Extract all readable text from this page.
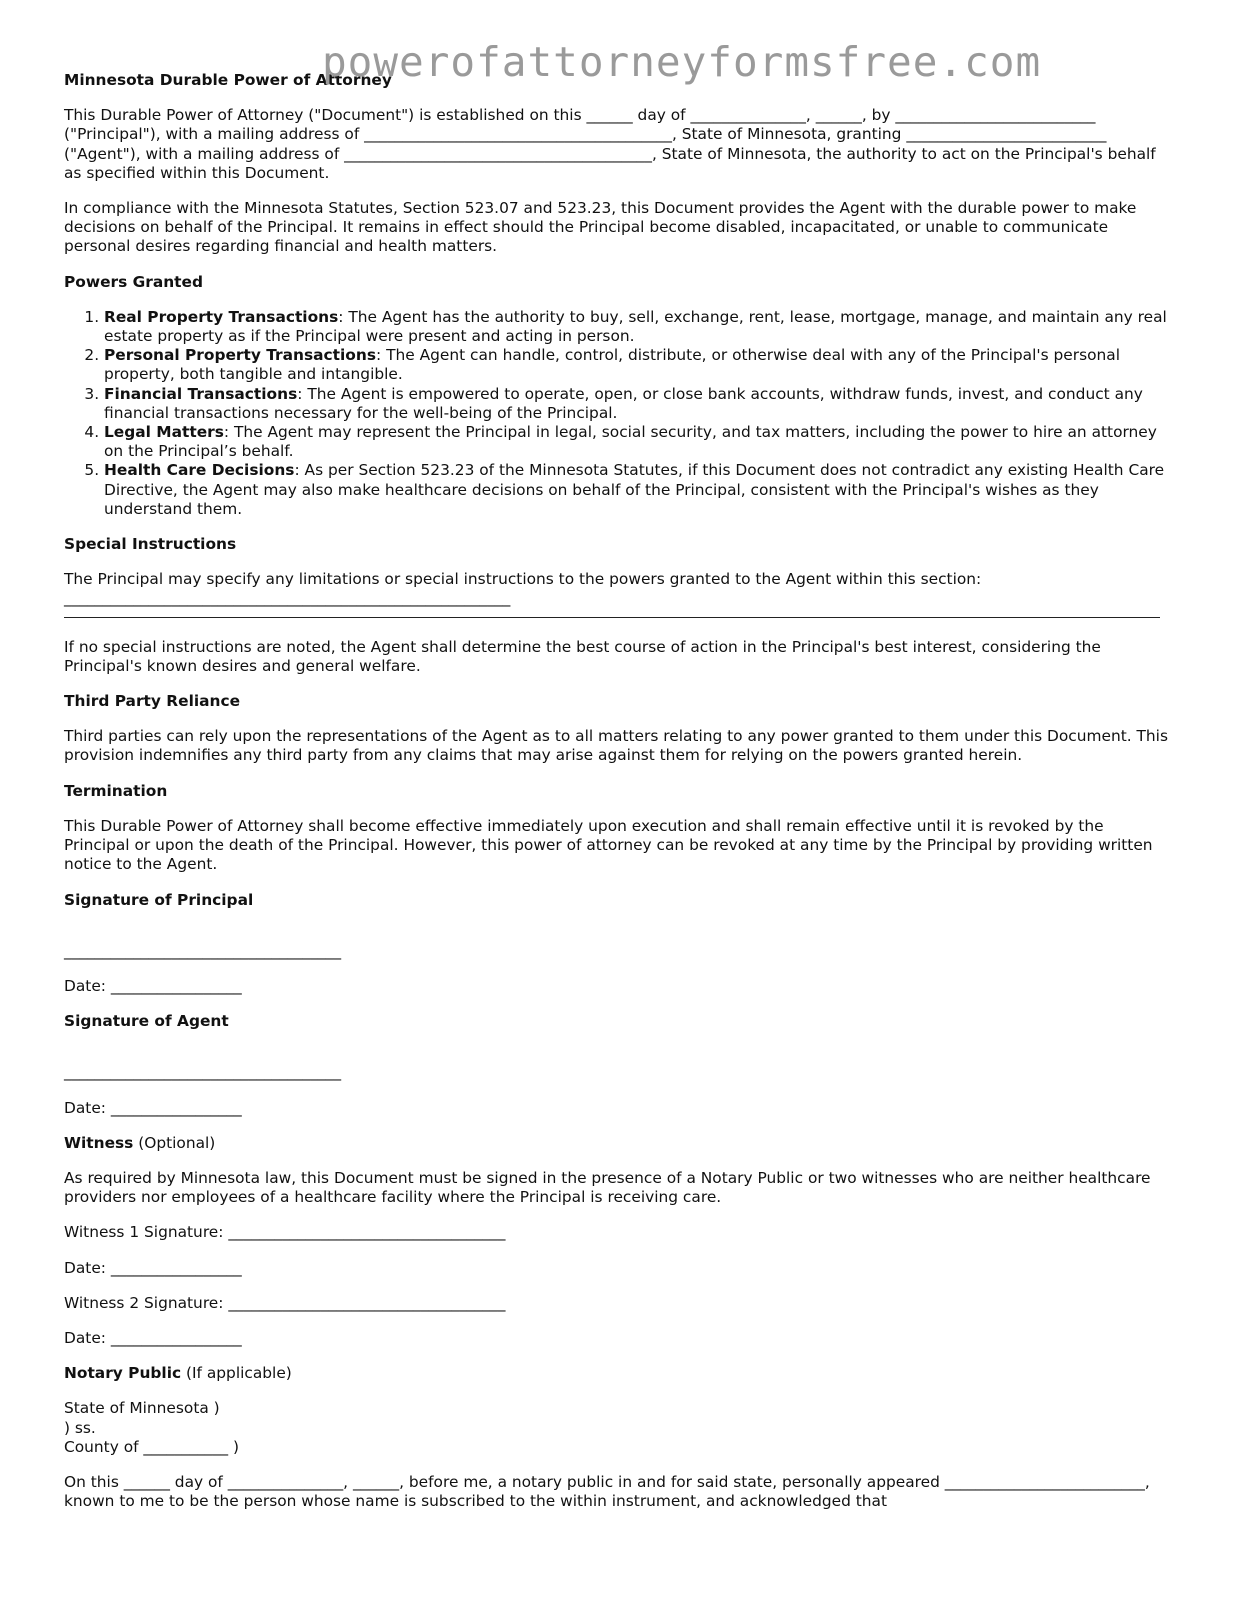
powerofattorneyformsfree.com
Minnesota Durable Power of Attorney

This Durable Power of Attorney ("Document") is established on this ______ day of _______________, ______, by __________________________ ("Principal"), with a mailing address of ________________________________________, State of Minnesota, granting __________________________ ("Agent"), with a mailing address of ________________________________________, State of Minnesota, the authority to act on the Principal's behalf as specified within this Document.

In compliance with the Minnesota Statutes, Section 523.07 and 523.23, this Document provides the Agent with the durable power to make decisions on behalf of the Principal. It remains in effect should the Principal become disabled, incapacitated, or unable to communicate personal desires regarding financial and health matters.

Powers Granted
1. Real Property Transactions: The Agent has the authority to buy, sell, exchange, rent, lease, mortgage, manage, and maintain any real estate property as if the Principal were present and acting in person.
2. Personal Property Transactions: The Agent can handle, control, distribute, or otherwise deal with any of the Principal's personal property, both tangible and intangible.
3. Financial Transactions: The Agent is empowered to operate, open, or close bank accounts, withdraw funds, invest, and conduct any financial transactions necessary for the well-being of the Principal.
4. Legal Matters: The Agent may represent the Principal in legal, social security, and tax matters, including the power to hire an attorney on the Principal’s behalf.
5. Health Care Decisions: As per Section 523.23 of the Minnesota Statutes, if this Document does not contradict any existing Health Care Directive, the Agent may also make healthcare decisions on behalf of the Principal, consistent with the Principal's wishes as they understand them.
Special Instructions
The Principal may specify any limitations or special instructions to the powers granted to the Agent within this section:
__________________________________________________________

If no special instructions are noted, the Agent shall determine the best course of action in the Principal's best interest, considering the Principal's known desires and general welfare.

Third Party Reliance

Third parties can rely upon the representations of the Agent as to all matters relating to any power granted to them under this Document. This provision indemnifies any third party from any claims that may arise against them for relying on the powers granted herein.

Termination

This Durable Power of Attorney shall become effective immediately upon execution and shall remain effective until it is revoked by the Principal or upon the death of the Principal. However, this power of attorney can be revoked at any time by the Principal by providing written notice to the Agent.

Signature of Principal

____________________________________

Date: _________________

Signature of Agent

____________________________________

Date: _________________

Witness (Optional)

As required by Minnesota law, this Document must be signed in the presence of a Notary Public or two witnesses who are neither healthcare providers nor employees of a healthcare facility where the Principal is receiving care.

Witness 1 Signature: ____________________________________

Date: _________________

Witness 2 Signature: ____________________________________

Date: _________________

Notary Public (If applicable)
State of Minnesota )
) ss.
County of ___________ )

On this ______ day of _______________, ______, before me, a notary public in and for said state, personally appeared __________________________, known to me to be the person whose name is subscribed to the within instrument, and acknowledged that
